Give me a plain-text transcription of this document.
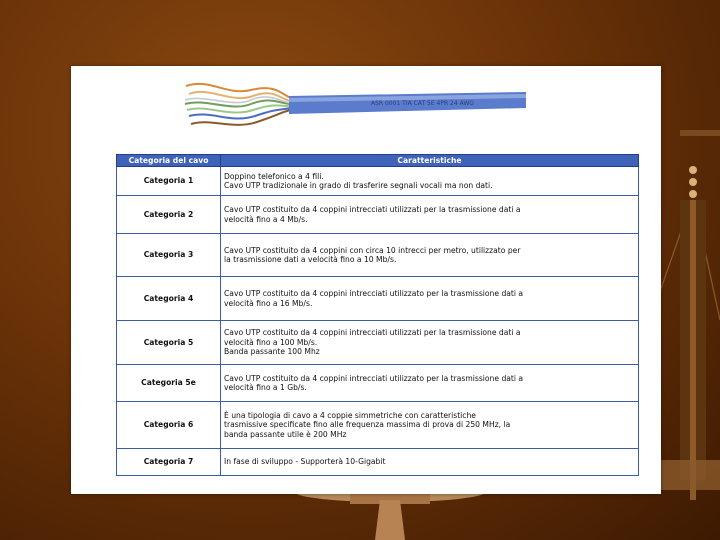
ASR 0001 TIA CAT 5E 4PR 24 AWG
Categoria del cavo	Caratteristiche
Categoria 1	Doppino telefonico a 4 fili.
Cavo UTP tradizionale in grado di trasferire segnali vocali ma non dati.

Categoria 2	Cavo UTP costituito da 4 coppini intrecciati utilizzati per la trasmissione dati a
velocità fino a 4 Mb/s.

Categoria 3	Cavo UTP costituito da 4 coppini con circa 10 intrecci per metro, utilizzato per
la trasmissione dati a velocità fino a 10 Mb/s.

Categoria 4	Cavo UTP costituito da 4 coppini intrecciati utilizzato per la trasmissione dati a
velocità fino a 16 Mb/s.

Categoria 5	Cavo UTP costituito da 4 coppini intrecciati utilizzati per la trasmissione dati a
velocità fino a 100 Mb/s.
Banda passante 100 Mhz

Categoria 5e	Cavo UTP costituito da 4 coppini intrecciati utilizzato per la trasmissione dati a
velocità fino a 1 Gb/s.

Categoria 6	È una tipologia di cavo a 4 coppie simmetriche con caratteristiche
trasmissive specificate fino alle frequenza massima di prova di 250 MHz, la
banda passante utile è 200 MHz

Categoria 7	In fase di sviluppo - Supporterà 10-Gigabit
